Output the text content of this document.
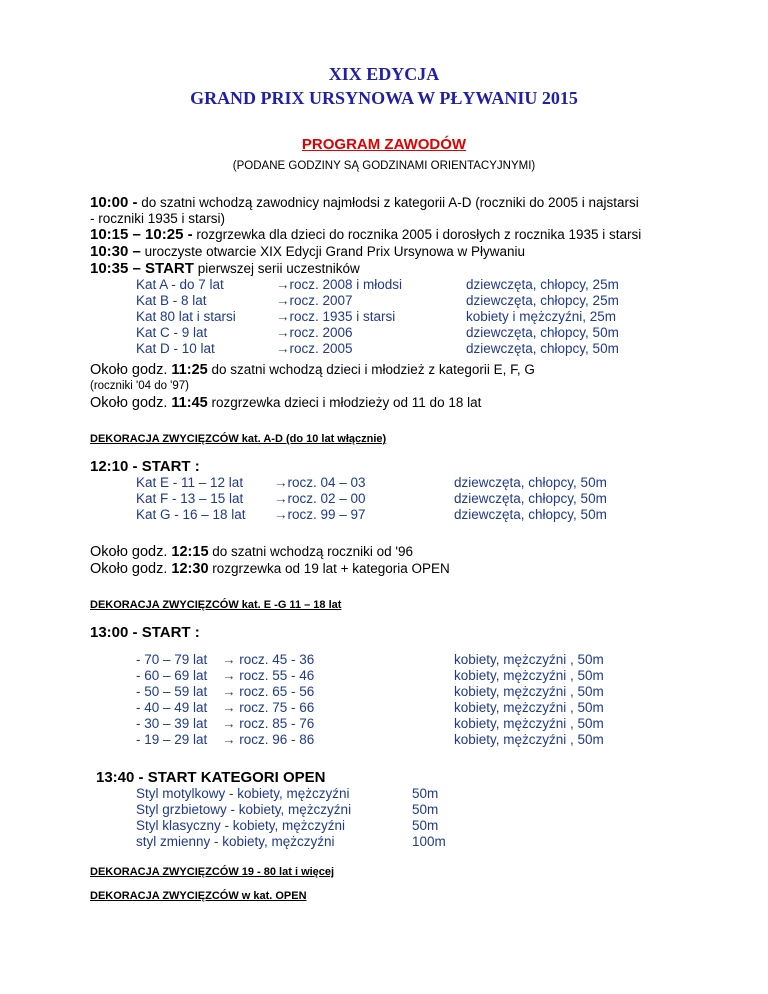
XIX EDYCJA
GRAND PRIX URSYNOWA W PŁYWANIU 2015
PROGRAM ZAWODÓW
(PODANE GODZINY SĄ GODZINAMI ORIENTACYJNYMI)
10:00 - do szatni wchodzą zawodnicy najmłodsi z kategorii A-D (roczniki do 2005 i najstarsi
- roczniki 1935 i starsi)
10:15 – 10:25 - rozgrzewka dla dzieci do rocznika 2005 i dorosłych z rocznika 1935 i starsi
10:30 – uroczyste otwarcie XIX Edycji Grand Prix Ursynowa w Pływaniu
10:35 – START pierwszej serii uczestników
Kat A - do 7 lat	→rocz. 2008 i młodsi	dziewczęta, chłopcy, 25m
Kat B - 8 lat	→rocz. 2007	dziewczęta, chłopcy, 25m
Kat 80 lat i starsi	→rocz. 1935 i starsi	kobiety i mężczyźni, 25m
Kat C - 9 lat	→rocz. 2006	dziewczęta, chłopcy, 50m
Kat D - 10 lat	→rocz. 2005	dziewczęta, chłopcy, 50m
Około godz. 11:25 do szatni wchodzą dzieci i młodzież z kategorii E, F, G
(roczniki '04 do '97)
Około godz. 11:45 rozgrzewka dzieci i młodzieży od 11 do 18 lat
DEKORACJA ZWYCIĘZCÓW kat. A-D (do 10 lat włącznie)
12:10 - START :
Kat E - 11 – 12 lat	→rocz. 04 – 03	dziewczęta, chłopcy, 50m
Kat F - 13 – 15 lat	→rocz. 02 – 00	dziewczęta, chłopcy, 50m
Kat G - 16 – 18 lat	→rocz. 99 – 97	dziewczęta, chłopcy, 50m
Około godz. 12:15 do szatni wchodzą roczniki od '96
Około godz. 12:30 rozgrzewka od 19 lat + kategoria OPEN
DEKORACJA ZWYCIĘZCÓW kat. E -G 11 – 18 lat
13:00 - START :
- 70 – 79 lat	→ rocz. 45 - 36	kobiety, mężczyźni , 50m
- 60 – 69 lat	→ rocz. 55 - 46	kobiety, mężczyźni , 50m
- 50 – 59 lat	→ rocz. 65 - 56	kobiety, mężczyźni , 50m
- 40 – 49 lat	→ rocz. 75 - 66	kobiety, mężczyźni , 50m
- 30 – 39 lat	→ rocz. 85 - 76	kobiety, mężczyźni , 50m
- 19 – 29 lat	→ rocz. 96 - 86	kobiety, mężczyźni , 50m
13:40 - START KATEGORI OPEN
Styl motylkowy - kobiety, mężczyźni	50m
Styl grzbietowy - kobiety, mężczyźni	50m
Styl klasyczny - kobiety, mężczyźni	50m
styl zmienny - kobiety, mężczyźni	100m
DEKORACJA ZWYCIĘZCÓW 19 - 80 lat i więcej
DEKORACJA ZWYCIĘZCÓW w kat. OPEN
